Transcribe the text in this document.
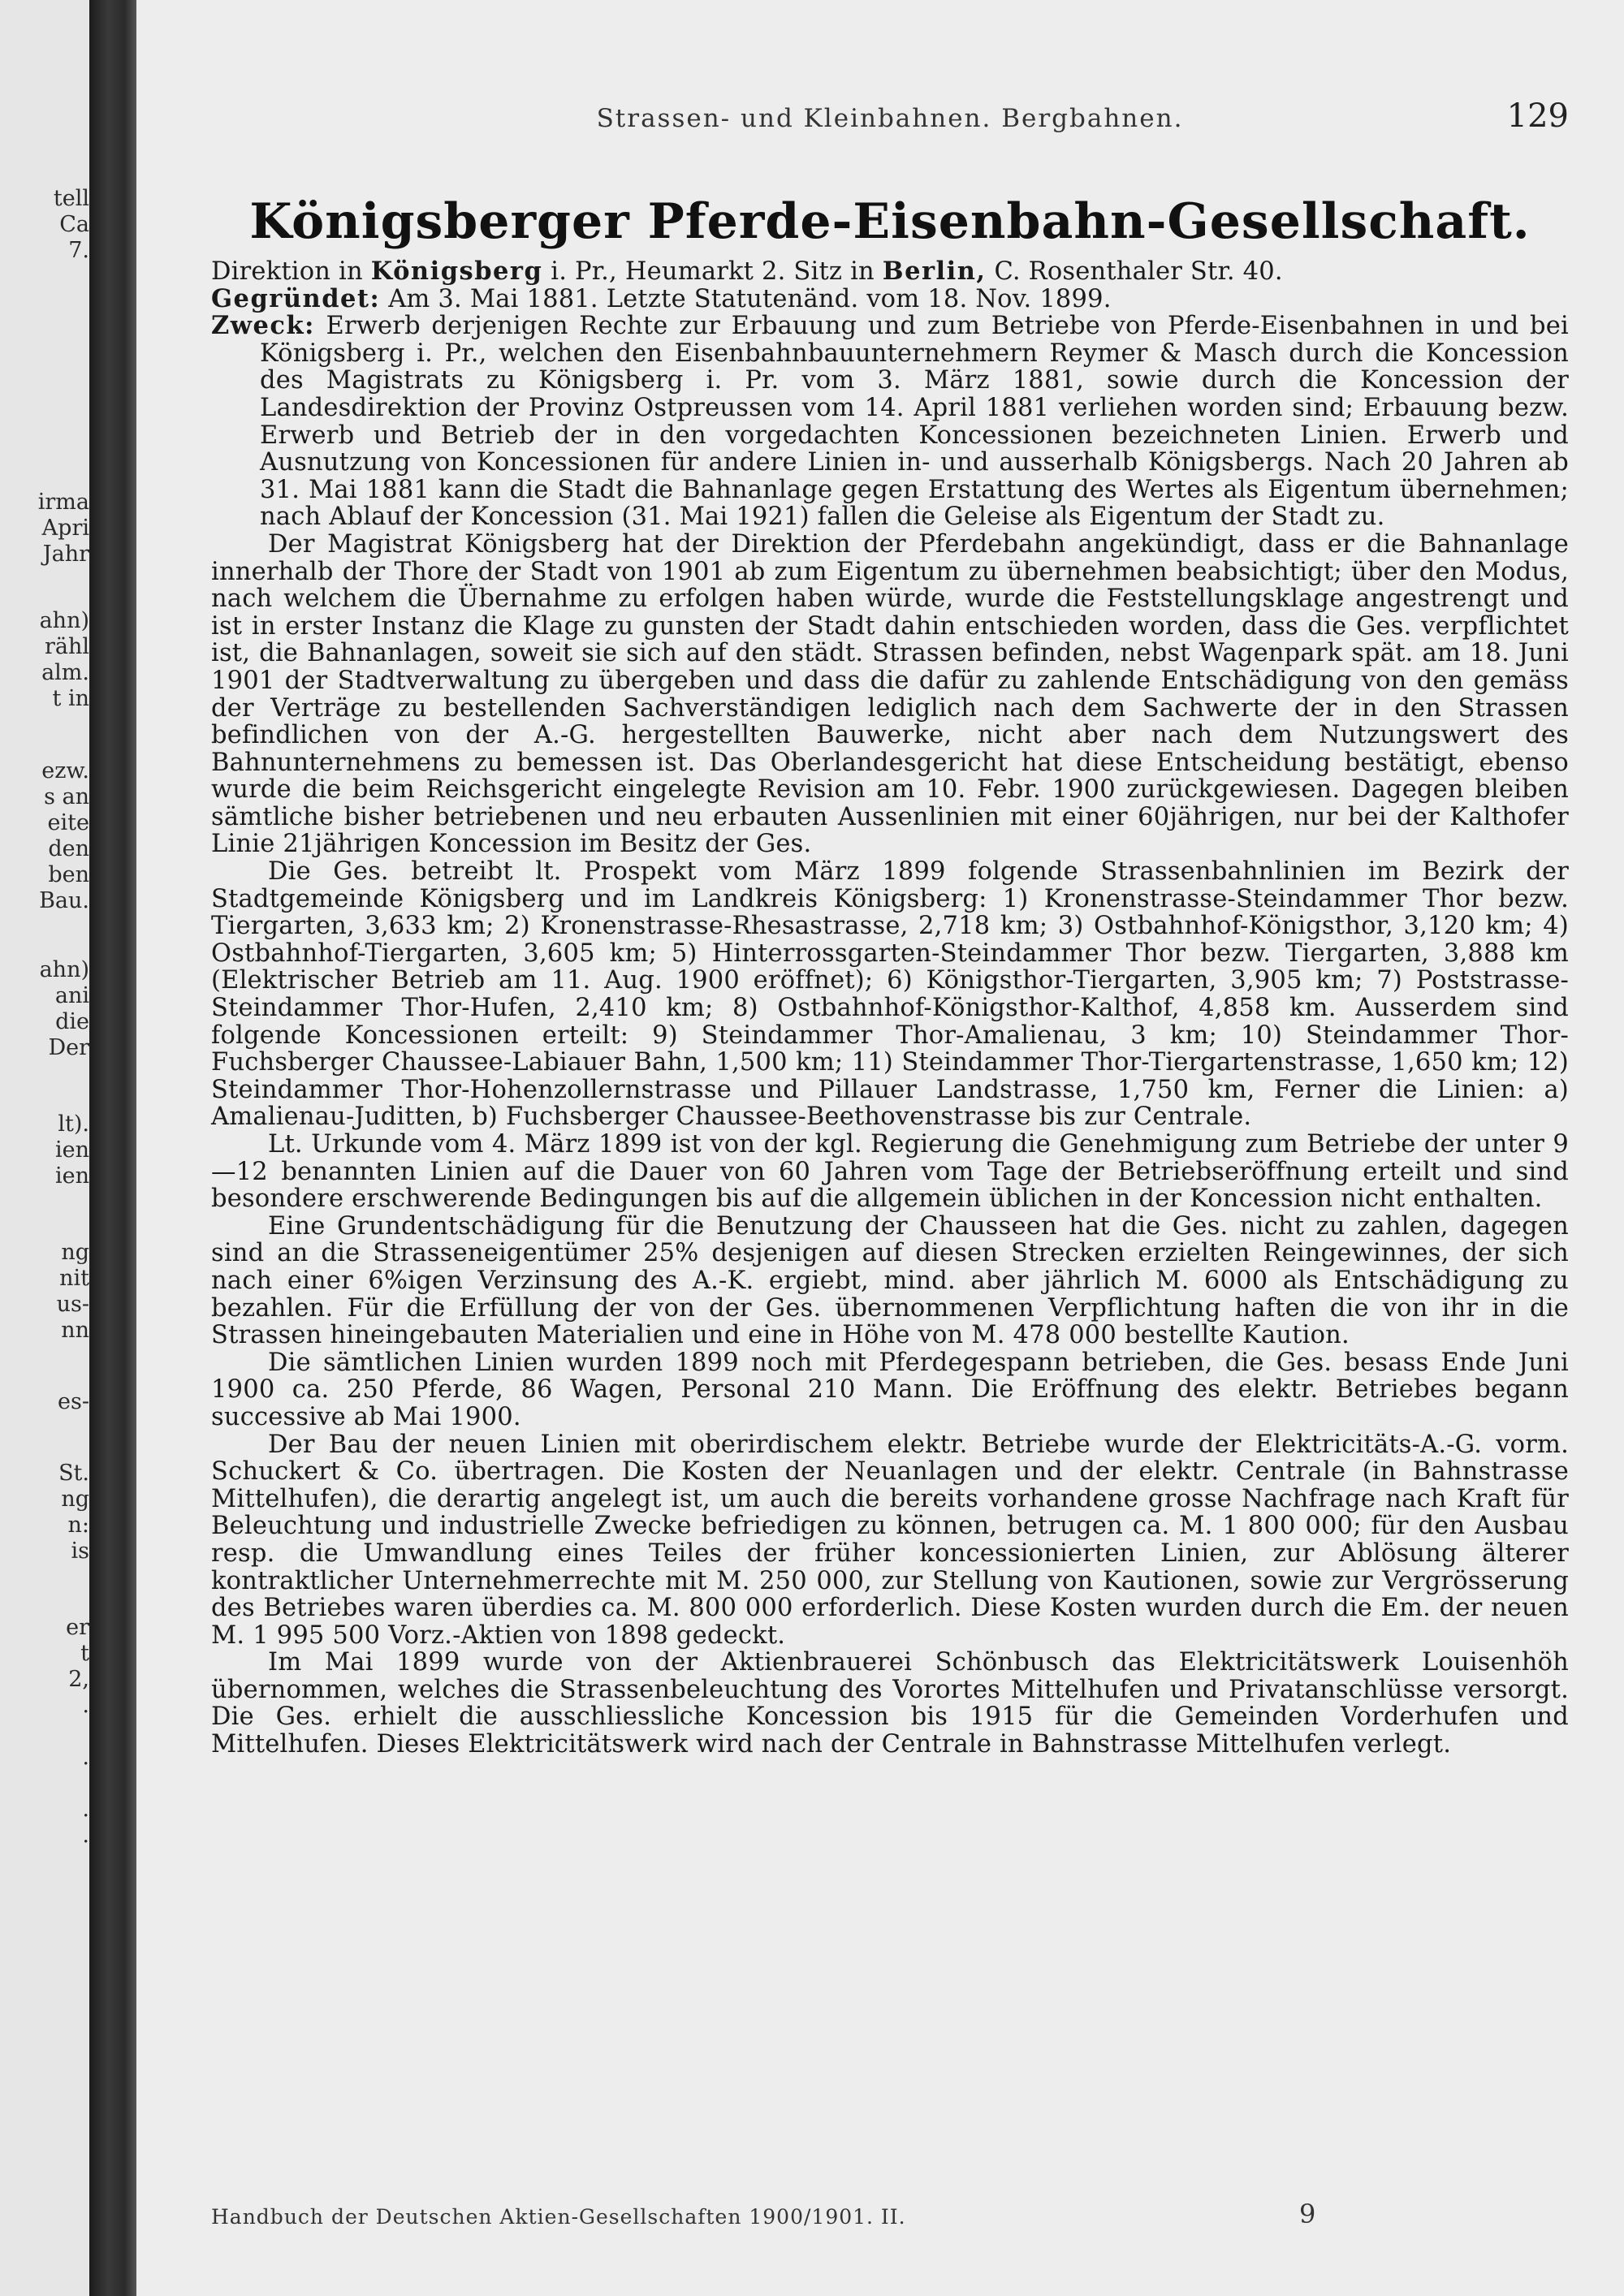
tell
Ca
7.
irma
Apri
Jahr
ahn)
rähl
alm.
t in
ezw.
s an
eite
den
ben
Bau.
ahn)
ani
die
Der
lt).
ien
ien
ng
nit
us-
nn
es-
St.
ng
n:
is
er
t
2,
.
.
.
.
Strassen- und Kleinbahnen. Bergbahnen.	129
Königsberger Pferde-Eisenbahn-Gesellschaft.

Direktion in Königsberg i. Pr., Heumarkt 2. Sitz in Berlin, C. Rosenthaler Str. 40.

Gegründet: Am 3. Mai 1881. Letzte Statutenänd. vom 18. Nov. 1899.

Zweck: Erwerb derjenigen Rechte zur Erbauung und zum Betriebe von Pferde-Eisenbahnen in und bei Königsberg i. Pr., welchen den Eisenbahnbauunternehmern Reymer & Masch durch die Koncession des Magistrats zu Königsberg i. Pr. vom 3. März 1881, sowie durch die Koncession der Landesdirektion der Provinz Ostpreussen vom 14. April 1881 verliehen worden sind; Erbauung bezw. Erwerb und Betrieb der in den vorgedachten Koncessionen bezeichneten Linien. Erwerb und Ausnutzung von Koncessionen für andere Linien in- und ausserhalb Königsbergs. Nach 20 Jahren ab 31. Mai 1881 kann die Stadt die Bahnanlage gegen Erstattung des Wertes als Eigentum übernehmen; nach Ablauf der Koncession (31. Mai 1921) fallen die Geleise als Eigentum der Stadt zu.

Der Magistrat Königsberg hat der Direktion der Pferdebahn angekündigt, dass er die Bahnanlage innerhalb der Thore der Stadt von 1901 ab zum Eigentum zu übernehmen beabsichtigt; über den Modus, nach welchem die Übernahme zu erfolgen haben würde, wurde die Feststellungsklage angestrengt und ist in erster Instanz die Klage zu gunsten der Stadt dahin entschieden worden, dass die Ges. verpflichtet ist, die Bahnanlagen, soweit sie sich auf den städt. Strassen befinden, nebst Wagenpark spät. am 18. Juni 1901 der Stadtverwaltung zu übergeben und dass die dafür zu zahlende Entschädigung von den gemäss der Verträge zu bestellenden Sachverständigen lediglich nach dem Sachwerte der in den Strassen befindlichen von der A.-G. hergestellten Bauwerke, nicht aber nach dem Nutzungswert des Bahnunternehmens zu bemessen ist. Das Oberlandesgericht hat diese Entscheidung bestätigt, ebenso wurde die beim Reichsgericht eingelegte Revision am 10. Febr. 1900 zurückgewiesen. Dagegen bleiben sämtliche bisher betriebenen und neu erbauten Aussenlinien mit einer 60jährigen, nur bei der Kalthofer Linie 21jährigen Koncession im Besitz der Ges.

Die Ges. betreibt lt. Prospekt vom März 1899 folgende Strassenbahnlinien im Bezirk der Stadtgemeinde Königsberg und im Landkreis Königsberg: 1) Kronenstrasse-Steindammer Thor bezw. Tiergarten, 3,633 km; 2) Kronenstrasse-Rhesastrasse, 2,718 km; 3) Ostbahnhof-Königsthor, 3,120 km; 4) Ostbahnhof-Tiergarten, 3,605 km; 5) Hinterrossgarten-Steindammer Thor bezw. Tiergarten, 3,888 km (Elektrischer Betrieb am 11. Aug. 1900 eröffnet); 6) Königsthor-Tiergarten, 3,905 km; 7) Poststrasse-Steindammer Thor-Hufen, 2,410 km; 8) Ostbahnhof-Königsthor-Kalthof, 4,858 km. Ausserdem sind folgende Koncessionen erteilt: 9) Steindammer Thor-Amalienau, 3 km; 10) Steindammer Thor-Fuchsberger Chaussee-Labiauer Bahn, 1,500 km; 11) Steindammer Thor-Tiergartenstrasse, 1,650 km; 12) Steindammer Thor-Hohenzollernstrasse und Pillauer Landstrasse, 1,750 km, Ferner die Linien: a) Amalienau-Juditten, b) Fuchsberger Chaussee-Beethovenstrasse bis zur Centrale.

Lt. Urkunde vom 4. März 1899 ist von der kgl. Regierung die Genehmigung zum Betriebe der unter 9—12 benannten Linien auf die Dauer von 60 Jahren vom Tage der Betriebseröffnung erteilt und sind besondere erschwerende Bedingungen bis auf die allgemein üblichen in der Koncession nicht enthalten.

Eine Grundentschädigung für die Benutzung der Chausseen hat die Ges. nicht zu zahlen, dagegen sind an die Strasseneigentümer 25% desjenigen auf diesen Strecken erzielten Reingewinnes, der sich nach einer 6%igen Verzinsung des A.-K. ergiebt, mind. aber jährlich M. 6000 als Entschädigung zu bezahlen. Für die Erfüllung der von der Ges. übernommenen Verpflichtung haften die von ihr in die Strassen hineingebauten Materialien und eine in Höhe von M. 478 000 bestellte Kaution.

Die sämtlichen Linien wurden 1899 noch mit Pferdegespann betrieben, die Ges. besass Ende Juni 1900 ca. 250 Pferde, 86 Wagen, Personal 210 Mann. Die Eröffnung des elektr. Betriebes begann successive ab Mai 1900.

Der Bau der neuen Linien mit oberirdischem elektr. Betriebe wurde der Elektricitäts-A.-G. vorm. Schuckert & Co. übertragen. Die Kosten der Neuanlagen und der elektr. Centrale (in Bahnstrasse Mittelhufen), die derartig angelegt ist, um auch die bereits vorhandene grosse Nachfrage nach Kraft für Beleuchtung und industrielle Zwecke befriedigen zu können, betrugen ca. M. 1 800 000; für den Ausbau resp. die Umwandlung eines Teiles der früher koncessionierten Linien, zur Ablösung älterer kontraktlicher Unternehmerrechte mit M. 250 000, zur Stellung von Kautionen, sowie zur Vergrösserung des Betriebes waren überdies ca. M. 800 000 erforderlich. Diese Kosten wurden durch die Em. der neuen M. 1 995 500 Vorz.-Aktien von 1898 gedeckt.

Im Mai 1899 wurde von der Aktienbrauerei Schönbusch das Elektricitätswerk Louisenhöh übernommen, welches die Strassenbeleuchtung des Vorortes Mittelhufen und Privatanschlüsse versorgt. Die Ges. erhielt die ausschliessliche Koncession bis 1915 für die Gemeinden Vorderhufen und Mittelhufen. Dieses Elektricitätswerk wird nach der Centrale in Bahnstrasse Mittelhufen verlegt.

Handbuch der Deutschen Aktien-Gesellschaften 1900/1901. II.	9
